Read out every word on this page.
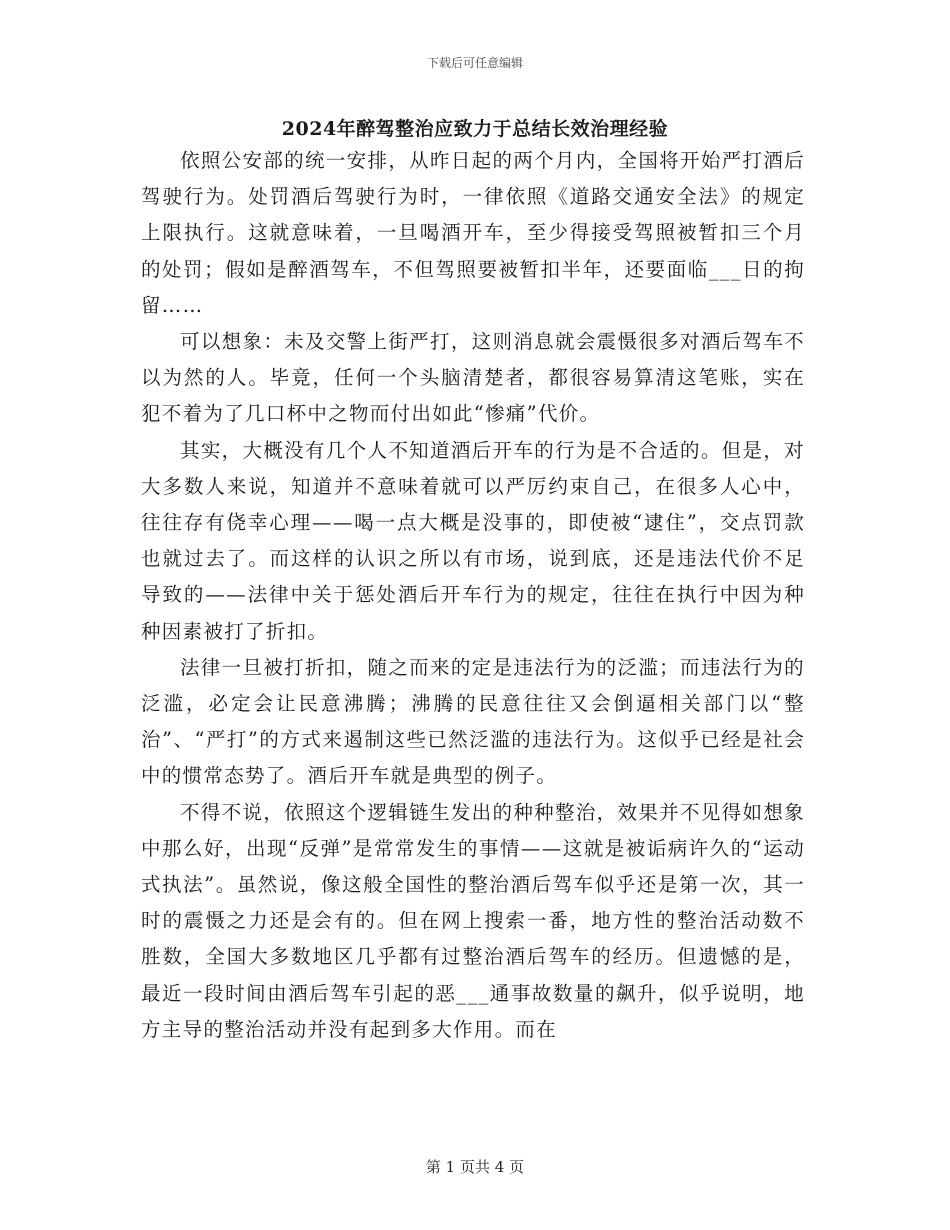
下载后可任意编辑
2024年醉驾整治应致力于总结长效治理经验

依照公安部的统一安排，从昨日起的两个月内，全国将开始严打酒后驾驶行为。处罚酒后驾驶行为时，一律依照《道路交通安全法》的规定上限执行。这就意味着，一旦喝酒开车，至少得接受驾照被暂扣三个月的处罚；假如是醉酒驾车，不但驾照要被暂扣半年，还要面临___日的拘留……

可以想象：未及交警上街严打，这则消息就会震慑很多对酒后驾车不以为然的人。毕竟，任何一个头脑清楚者，都很容易算清这笔账，实在犯不着为了几口杯中之物而付出如此“惨痛”代价。

其实，大概没有几个人不知道酒后开车的行为是不合适的。但是，对大多数人来说，知道并不意味着就可以严厉约束自己，在很多人心中，往往存有侥幸心理——喝一点大概是没事的，即使被“逮住”，交点罚款也就过去了。而这样的认识之所以有市场，说到底，还是违法代价不足导致的——法律中关于惩处酒后开车行为的规定，往往在执行中因为种种因素被打了折扣。

法律一旦被打折扣，随之而来的定是违法行为的泛滥；而违法行为的泛滥，必定会让民意沸腾；沸腾的民意往往又会倒逼相关部门以“整治”、“严打”的方式来遏制这些已然泛滥的违法行为。这似乎已经是社会中的惯常态势了。酒后开车就是典型的例子。

不得不说，依照这个逻辑链生发出的种种整治，效果并不见得如想象中那么好，出现“反弹”是常常发生的事情——这就是被诟病许久的“运动式执法”。虽然说，像这般全国性的整治酒后驾车似乎还是第一次，其一时的震慑之力还是会有的。但在网上搜索一番，地方性的整治活动数不胜数，全国大多数地区几乎都有过整治酒后驾车的经历。但遗憾的是，最近一段时间由酒后驾车引起的恶___通事故数量的飙升，似乎说明，地方主导的整治活动并没有起到多大作用。而在

第 1 页共 4 页
